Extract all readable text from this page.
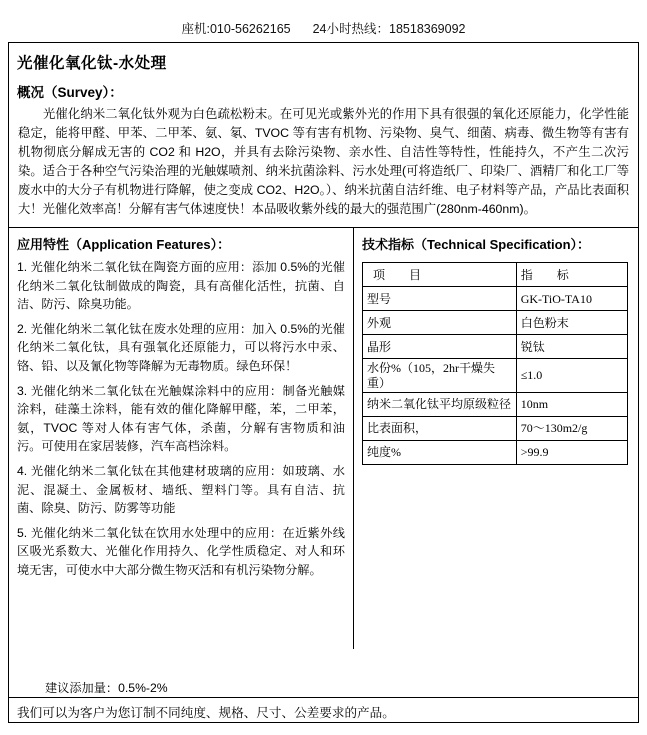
座机:010-56262165 24小时热线：18518369092
光催化氧化钛-水处理
概况（Survey）：
　　光催化纳米二氧化钛外观为白色疏松粉末。在可见光或紫外光的作用下具有很强的氧化还原能力，化学性能稳定，能将甲醛、甲苯、二甲苯、氨、氡、TVOC 等有害有机物、污染物、臭气、细菌、病毒、微生物等有害有机物彻底分解成无害的 CO2 和 H2O，并具有去除污染物、亲水性、自洁性等特性，性能持久，不产生二次污染。适合于各种空气污染治理的光触媒喷剂、纳米抗菌涂料、污水处理(可将造纸厂、印染厂、酒精厂和化工厂等废水中的大分子有机物进行降解，使之变成 CO2、H2O。）、纳米抗菌自洁纤维、电子材料等产品，产品比表面积大！光催化效率高！分解有害气体速度快！本品吸收紫外线的最大的强范围广(280nm-460nm)。
应用特性（Application Features）：
1. 光催化纳米二氧化钛在陶瓷方面的应用：添加 0.5%的光催化纳米二氧化钛制做成的陶瓷，具有高催化活性，抗菌、自洁、防污、除臭功能。
2. 光催化纳米二氧化钛在废水处理的应用：加入 0.5%的光催化纳米二氧化钛，具有强氧化还原能力，可以将污水中汞、铬、铅、以及氰化物等降解为无毒物质。绿色环保！
3. 光催化纳米二氧化钛在光触媒涂料中的应用：制备光触媒涂料，硅藻土涂料，能有效的催化降解甲醛，苯，二甲苯，氨，TVOC 等对人体有害气体，杀菌，分解有害物质和油污。可使用在家居装修，汽车高档涂料。
4. 光催化纳米二氧化钛在其他建材玻璃的应用：如玻璃、水泥、混凝土、金属板材、墙纸、塑料门等。具有自洁、抗菌、除臭、防污、防雾等功能
5. 光催化纳米二氧化钛在饮用水处理中的应用：在近紫外线区吸光系数大、光催化作用持久、化学性质稳定、对人和环境无害，可使水中大部分微生物灭活和有机污染物分解。
技术指标（Technical Specification）：
项　目	指　标
型号	GK-TiO-TA10
外观	白色粉末
晶形	锐钛
水份%（105，2hr干燥失重）	≤1.0
纳米二氧化钛平均原级粒径	10nm
比表面积，	70～130m2/g
纯度%	>99.9
建议添加量：0.5%-2%
我们可以为客户为您订制不同纯度、规格、尺寸、公差要求的产品。
